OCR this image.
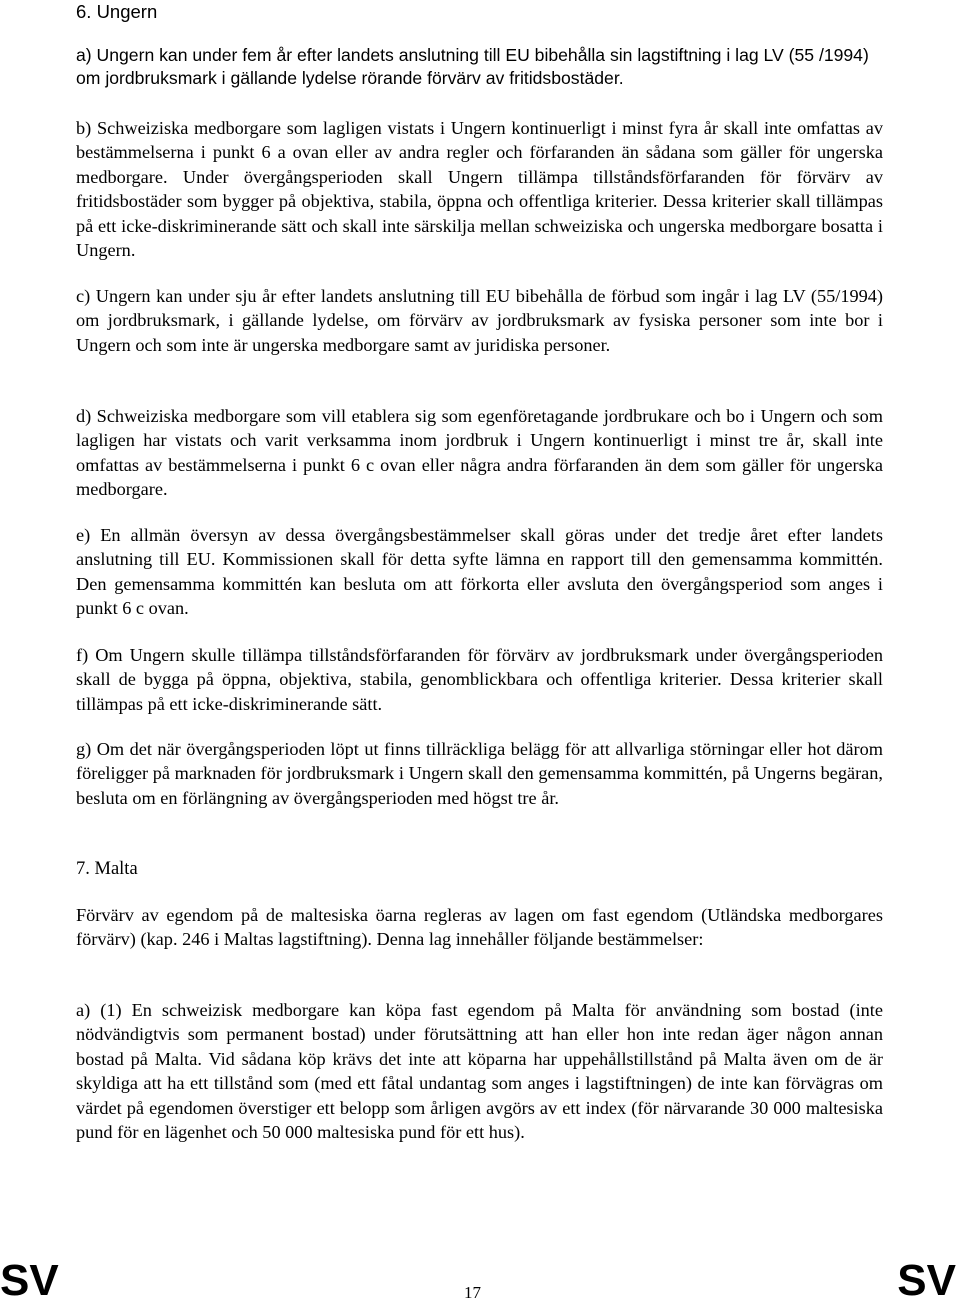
6. Ungern

a) Ungern kan under fem år efter landets anslutning till EU bibehålla sin lagstiftning i lag LV (55 /1994) om jordbruksmark i gällande lydelse rörande förvärv av fritidsbostäder.

b) Schweiziska medborgare som lagligen vistats i Ungern kontinuerligt i minst fyra år skall inte omfattas av bestämmelserna i punkt 6 a ovan eller av andra regler och förfaranden än sådana som gäller för ungerska medborgare. Under övergångsperioden skall Ungern tillämpa tillståndsförfaranden för förvärv av fritidsbostäder som bygger på objektiva, stabila, öppna och offentliga kriterier. Dessa kriterier skall tillämpas på ett icke-diskriminerande sätt och skall inte särskilja mellan schweiziska och ungerska medborgare bosatta i Ungern.

c) Ungern kan under sju år efter landets anslutning till EU bibehålla de förbud som ingår i lag LV (55/1994) om jordbruksmark, i gällande lydelse, om förvärv av jordbruksmark av fysiska personer som inte bor i Ungern och som inte är ungerska medborgare samt av juridiska personer.

d) Schweiziska medborgare som vill etablera sig som egenföretagande jordbrukare och bo i Ungern och som lagligen har vistats och varit verksamma inom jordbruk i Ungern kontinuerligt i minst tre år, skall inte omfattas av bestämmelserna i punkt 6 c ovan eller några andra förfaranden än dem som gäller för ungerska medborgare.

e) En allmän översyn av dessa övergångsbestämmelser skall göras under det tredje året efter landets anslutning till EU. Kommissionen skall för detta syfte lämna en rapport till den gemensamma kommittén. Den gemensamma kommittén kan besluta om att förkorta eller avsluta den övergångsperiod som anges i punkt 6 c ovan.

f) Om Ungern skulle tillämpa tillståndsförfaranden för förvärv av jordbruksmark under övergångsperioden skall de bygga på öppna, objektiva, stabila, genomblickbara och offentliga kriterier. Dessa kriterier skall tillämpas på ett icke-diskriminerande sätt.

g) Om det när övergångsperioden löpt ut finns tillräckliga belägg för att allvarliga störningar eller hot därom föreligger på marknaden för jordbruksmark i Ungern skall den gemensamma kommittén, på Ungerns begäran, besluta om en förlängning av övergångsperioden med högst tre år.

7. Malta

Förvärv av egendom på de maltesiska öarna regleras av lagen om fast egendom (Utländska medborgares förvärv) (kap. 246 i Maltas lagstiftning). Denna lag innehåller följande bestämmelser:

a) (1) En schweizisk medborgare kan köpa fast egendom på Malta för användning som bostad (inte nödvändigtvis som permanent bostad) under förutsättning att han eller hon inte redan äger någon annan bostad på Malta. Vid sådana köp krävs det inte att köparna har uppehållstillstånd på Malta även om de är skyldiga att ha ett tillstånd som (med ett fåtal undantag som anges i lagstiftningen) de inte kan förvägras om värdet på egendomen överstiger ett belopp som årligen avgörs av ett index (för närvarande 30 000 maltesiska pund för en lägenhet och 50 000 maltesiska pund för ett hus).

SV	17	SV
